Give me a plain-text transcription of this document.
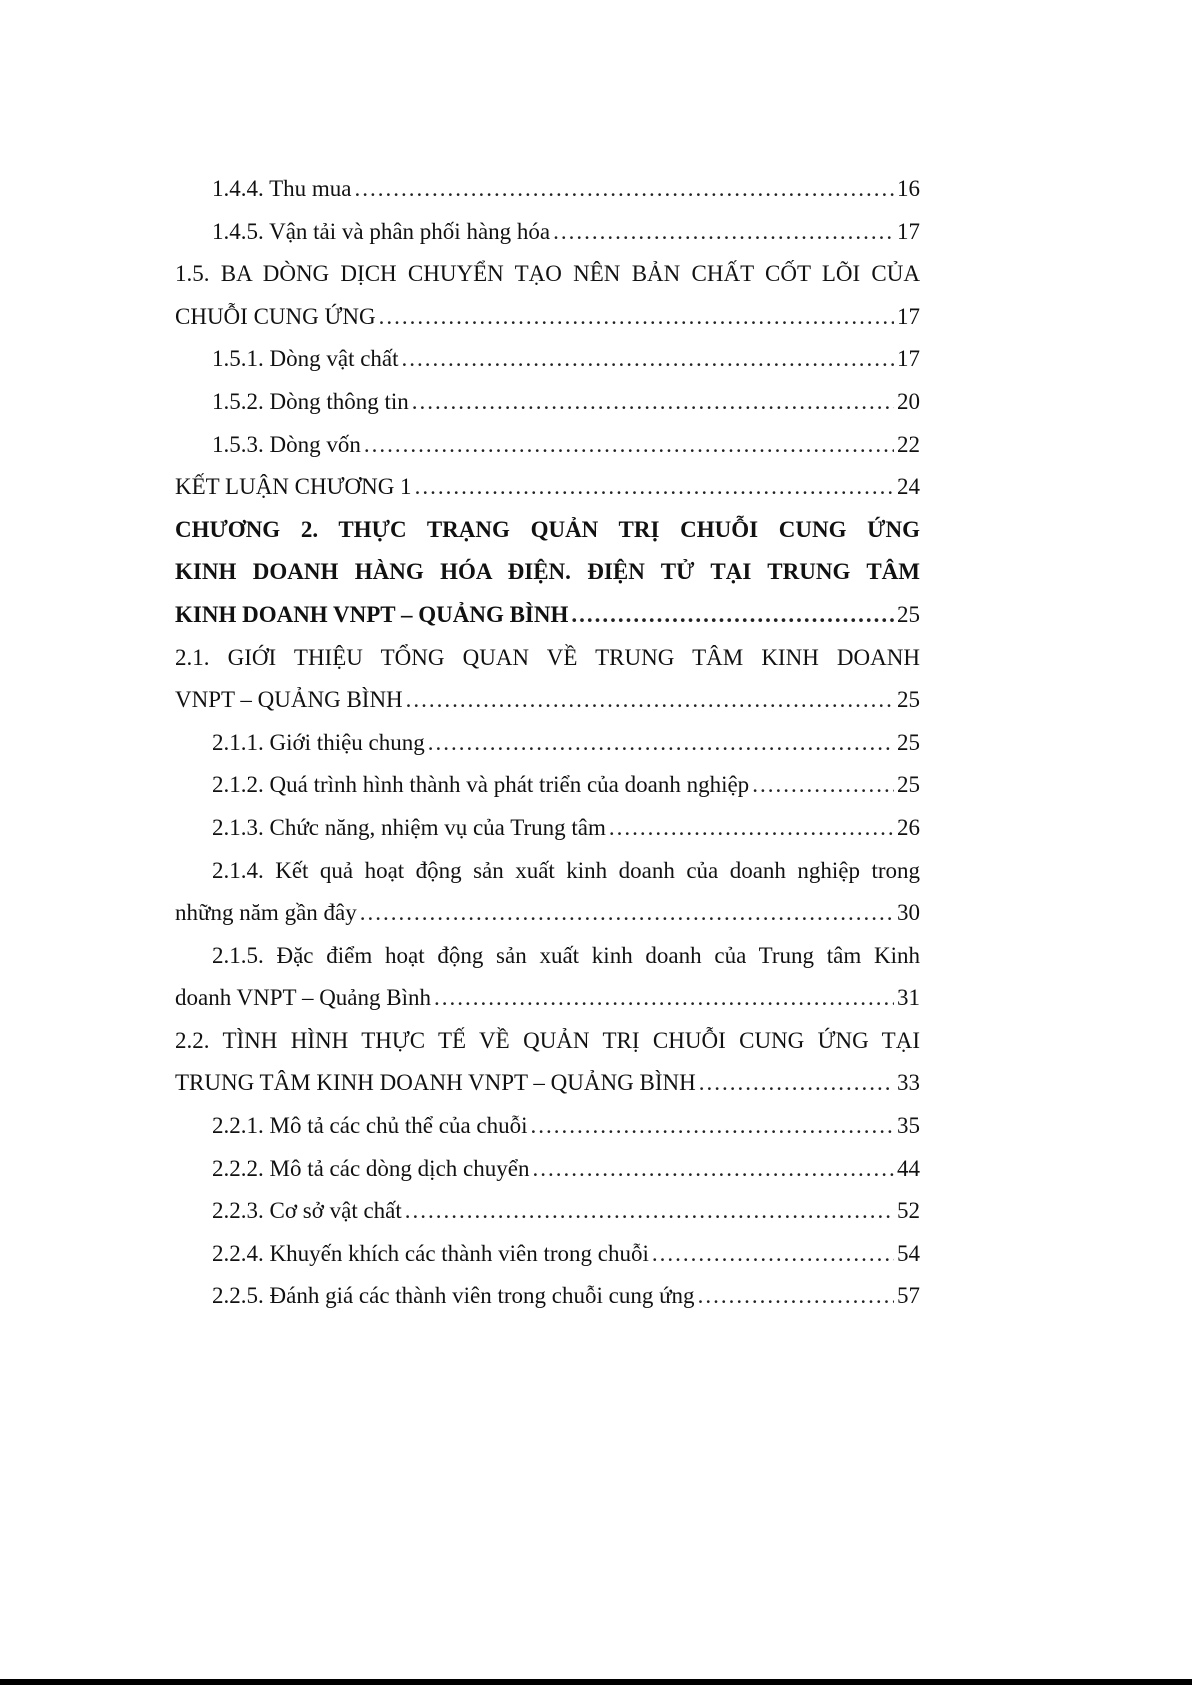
1.4.4. Thu mua .....	16
1.4.5. Vận tải và phân phối hàng hóa .....	17
1.5. BA DÒNG DỊCH CHUYỂN TẠO NÊN BẢN CHẤT CỐT LÕI CỦA
CHUỖI CUNG ỨNG .....	17
1.5.1. Dòng vật chất .....	17
1.5.2. Dòng thông tin .....	20
1.5.3. Dòng vốn .....	22
KẾT LUẬN CHƯƠNG 1 .....	24
CHƯƠNG 2. THỰC TRẠNG QUẢN TRỊ CHUỖI CUNG ỨNG
KINH DOANH HÀNG HÓA ĐIỆN. ĐIỆN TỬ TẠI TRUNG TÂM
KINH DOANH VNPT – QUẢNG BÌNH .....	25
2.1. GIỚI THIỆU TỔNG QUAN VỀ TRUNG TÂM KINH DOANH
VNPT – QUẢNG BÌNH .....	25
2.1.1. Giới thiệu chung .....	25
2.1.2. Quá trình hình thành và phát triển của doanh nghiệp .....	25
2.1.3. Chức năng, nhiệm vụ của Trung tâm .....	26
2.1.4. Kết quả hoạt động sản xuất kinh doanh của doanh nghiệp trong
những năm gần đây .....	30
2.1.5. Đặc điểm hoạt động sản xuất kinh doanh của Trung tâm Kinh
doanh VNPT – Quảng Bình .....	31
2.2. TÌNH HÌNH THỰC TẾ VỀ QUẢN TRỊ CHUỖI CUNG ỨNG TẠI
TRUNG TÂM KINH DOANH VNPT – QUẢNG BÌNH .....	33
2.2.1. Mô tả các chủ thể của chuỗi .....	35
2.2.2. Mô tả các dòng dịch chuyển .....	44
2.2.3. Cơ sở vật chất .....	52
2.2.4. Khuyến khích các thành viên trong chuỗi .....	54
2.2.5. Đánh giá các thành viên trong chuỗi cung ứng .....	57
